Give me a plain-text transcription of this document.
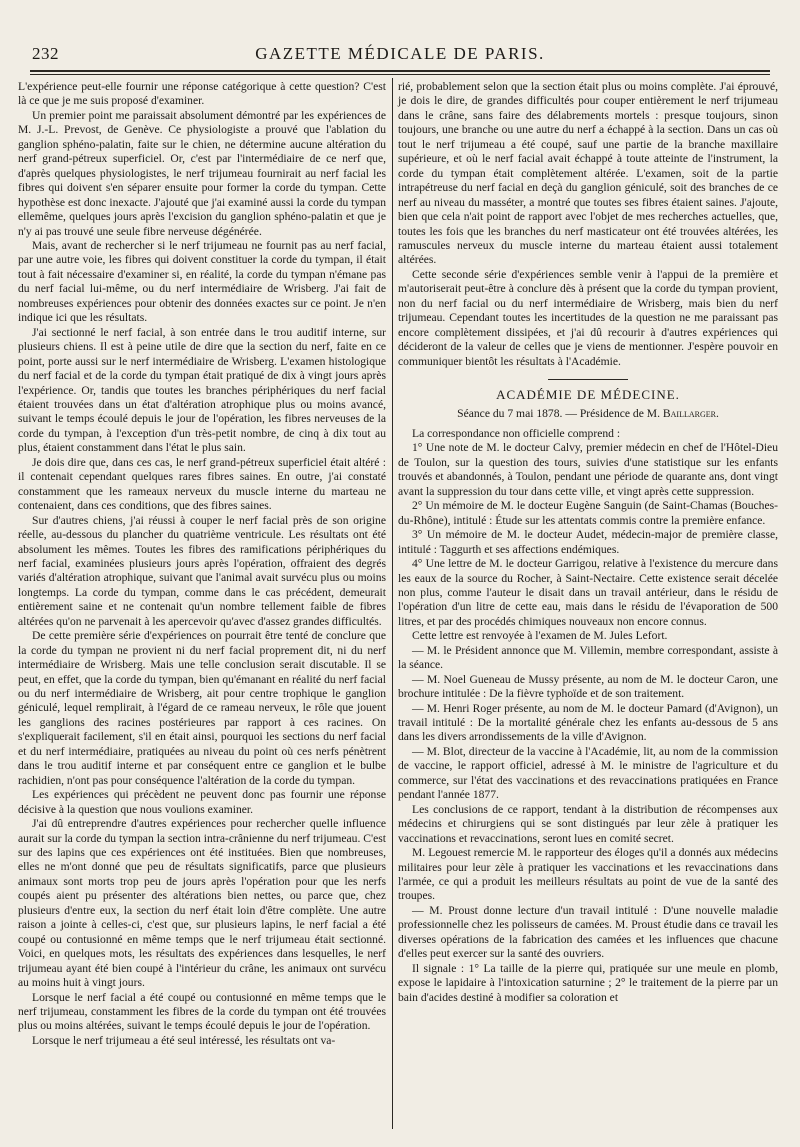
232	GAZETTE MÉDICALE DE PARIS.

L'expérience peut-elle fournir une réponse catégorique à cette question? C'est là ce que je me suis proposé d'examiner.

Un premier point me paraissait absolument démontré par les expériences de M. J.-L. Prevost, de Genève. Ce physiologiste a prouvé que l'ablation du ganglion sphéno-palatin, faite sur le chien, ne détermine aucune altération du nerf grand-pétreux superficiel. Or, c'est par l'intermédiaire de ce nerf que, d'après quelques physiologistes, le nerf trijumeau fournirait au nerf facial les fibres qui doivent s'en séparer ensuite pour former la corde du tympan. Cette hypothèse est donc inexacte. J'ajouté que j'ai examiné aussi la corde du tympan ellemême, quelques jours après l'excision du ganglion sphéno-palatin et que je n'y ai pas trouvé une seule fibre nerveuse dégénérée.

Mais, avant de rechercher si le nerf trijumeau ne fournit pas au nerf facial, par une autre voie, les fibres qui doivent constituer la corde du tympan, il était tout à fait nécessaire d'examiner si, en réalité, la corde du tympan n'émane pas du nerf facial lui-même, ou du nerf intermédiaire de Wrisberg. J'ai fait de nombreuses expériences pour obtenir des données exactes sur ce point. Je n'en indique ici que les résultats.

J'ai sectionné le nerf facial, à son entrée dans le trou auditif interne, sur plusieurs chiens. Il est à peine utile de dire que la section du nerf, faite en ce point, porte aussi sur le nerf intermédiaire de Wrisberg. L'examen histologique du nerf facial et de la corde du tympan était pratiqué de dix à vingt jours après l'expérience. Or, tandis que toutes les branches périphériques du nerf facial étaient trouvées dans un état d'altération atrophique plus ou moins avancé, suivant le temps écoulé depuis le jour de l'opération, les fibres nerveuses de la corde du tympan, à l'exception d'un très-petit nombre, de cinq à dix tout au plus, étaient constamment dans l'état le plus sain.

Je dois dire que, dans ces cas, le nerf grand-pétreux superficiel était altéré : il contenait cependant quelques rares fibres saines. En outre, j'ai constaté constamment que les rameaux nerveux du muscle interne du marteau ne contenaient, dans ces conditions, que des fibres saines.

Sur d'autres chiens, j'ai réussi à couper le nerf facial près de son origine réelle, au-dessous du plancher du quatrième ventricule. Les résultats ont été absolument les mêmes. Toutes les fibres des ramifications périphériques du nerf facial, examinées plusieurs jours après l'opération, offraient des degrés variés d'altération atrophique, suivant que l'animal avait survécu plus ou moins longtemps. La corde du tympan, comme dans le cas précédent, demeurait entièrement saine et ne contenait qu'un nombre tellement faible de fibres altérées qu'on ne parvenait à les apercevoir qu'avec d'assez grandes difficultés.

De cette première série d'expériences on pourrait être tenté de conclure que la corde du tympan ne provient ni du nerf facial proprement dit, ni du nerf intermédiaire de Wrisberg. Mais une telle conclusion serait discutable. Il se peut, en effet, que la corde du tympan, bien qu'émanant en réalité du nerf facial ou du nerf intermédiaire de Wrisberg, ait pour centre trophique le ganglion géniculé, lequel remplirait, à l'égard de ce rameau nerveux, le rôle que jouent les ganglions des racines postérieures par rapport à ces racines. On s'expliquerait facilement, s'il en était ainsi, pourquoi les sections du nerf facial et du nerf intermédiaire, pratiquées au niveau du point où ces nerfs pénètrent dans le trou auditif interne et par conséquent entre ce ganglion et le bulbe rachidien, n'ont pas pour conséquence l'altération de la corde du tympan.

Les expériences qui précèdent ne peuvent donc pas fournir une réponse décisive à la question que nous voulions examiner.

J'ai dû entreprendre d'autres expériences pour rechercher quelle influence aurait sur la corde du tympan la section intra-crânienne du nerf trijumeau. C'est sur des lapins que ces expériences ont été instituées. Bien que nombreuses, elles ne m'ont donné que peu de résultats significatifs, parce que plusieurs animaux sont morts trop peu de jours après l'opération pour que les nerfs coupés aient pu présenter des altérations bien nettes, ou parce que, chez plusieurs d'entre eux, la section du nerf était loin d'être complète. Une autre raison a jointe à celles-ci, c'est que, sur plusieurs lapins, le nerf facial a été coupé ou contusionné en même temps que le nerf trijumeau était sectionné. Voici, en quelques mots, les résultats des expériences dans lesquelles, le nerf trijumeau ayant été bien coupé à l'intérieur du crâne, les animaux ont survécu au moins huit à vingt jours.

Lorsque le nerf facial a été coupé ou contusionné en même temps que le nerf trijumeau, constamment les fibres de la corde du tympan ont été trouvées plus ou moins altérées, suivant le temps écoulé depuis le jour de l'opération.

Lorsque le nerf trijumeau a été seul intéressé, les résultats ont va-

rié, probablement selon que la section était plus ou moins complète. J'ai éprouvé, je dois le dire, de grandes difficultés pour couper entièrement le nerf trijumeau dans le crâne, sans faire des délabrements mortels : presque toujours, sinon toujours, une branche ou une autre du nerf a échappé à la section. Dans un cas où tout le nerf trijumeau a été coupé, sauf une partie de la branche maxillaire supérieure, et où le nerf facial avait échappé à toute atteinte de l'instrument, la corde du tympan était complètement altérée. L'examen, soit de la partie intrapétreuse du nerf facial en deçà du ganglion géniculé, soit des branches de ce nerf au niveau du masséter, a montré que toutes ses fibres étaient saines. J'ajoute, bien que cela n'ait point de rapport avec l'objet de mes recherches actuelles, que, toutes les fois que les branches du nerf masticateur ont été trouvées altérées, les ramuscules nerveux du muscle interne du marteau étaient aussi totalement altérées.

Cette seconde série d'expériences semble venir à l'appui de la première et m'autoriserait peut-être à conclure dès à présent que la corde du tympan provient, non du nerf facial ou du nerf intermédiaire de Wrisberg, mais bien du nerf trijumeau. Cependant toutes les incertitudes de la question ne me paraissant pas encore complètement dissipées, et j'ai dû recourir à d'autres expériences qui décideront de la valeur de celles que je viens de mentionner. J'espère pouvoir en communiquer bientôt les résultats à l'Académie.

ACADÉMIE DE MÉDECINE.
Séance du 7 mai 1878. — Présidence de M. Baillarger.

La correspondance non officielle comprend :

1° Une note de M. le docteur Calvy, premier médecin en chef de l'Hôtel-Dieu de Toulon, sur la question des tours, suivies d'une statistique sur les enfants trouvés et abandonnés, à Toulon, pendant une période de quarante ans, dont vingt avant la suppression du tour dans cette ville, et vingt après cette suppression.

2° Un mémoire de M. le docteur Eugène Sanguin (de Saint-Chamas (Bouches-du-Rhône), intitulé : Étude sur les attentats commis contre la première enfance.

3° Un mémoire de M. le docteur Audet, médecin-major de première classe, intitulé : Taggurth et ses affections endémiques.

4° Une lettre de M. le docteur Garrigou, relative à l'existence du mercure dans les eaux de la source du Rocher, à Saint-Nectaire. Cette existence serait décelée non plus, comme l'auteur le disait dans un travail antérieur, dans le résidu de l'opération d'un litre de cette eau, mais dans le résidu de l'évaporation de 500 litres, et par des procédés chimiques nouveaux non encore connus.

Cette lettre est renvoyée à l'examen de M. Jules Lefort.

— M. le Président annonce que M. Villemin, membre correspondant, assiste à la séance.

— M. Noel Gueneau de Mussy présente, au nom de M. le docteur Caron, une brochure intitulée : De la fièvre typhoïde et de son traitement.

— M. Henri Roger présente, au nom de M. le docteur Pamard (d'Avignon), un travail intitulé : De la mortalité générale chez les enfants au-dessous de 5 ans dans les divers arrondissements de la ville d'Avignon.

— M. Blot, directeur de la vaccine à l'Académie, lit, au nom de la commission de vaccine, le rapport officiel, adressé à M. le ministre de l'agriculture et du commerce, sur l'état des vaccinations et des revaccinations pratiquées en France pendant l'année 1877.

Les conclusions de ce rapport, tendant à la distribution de récompenses aux médecins et chirurgiens qui se sont distingués par leur zèle à pratiquer les vaccinations et revaccinations, seront lues en comité secret.

M. Legouest remercie M. le rapporteur des éloges qu'il a donnés aux médecins militaires pour leur zèle à pratiquer les vaccinations et les revaccinations dans l'armée, ce qui a produit les meilleurs résultats au point de vue de la santé des troupes.

— M. Proust donne lecture d'un travail intitulé : D'une nouvelle maladie professionnelle chez les polisseurs de camées. M. Proust étudie dans ce travail les diverses opérations de la fabrication des camées et les influences que chacune d'elles peut exercer sur la santé des ouvriers.

Il signale : 1° La taille de la pierre qui, pratiquée sur une meule en plomb, expose le lapidaire à l'intoxication saturnine ; 2° le traitement de la pierre par un bain d'acides destiné à modifier sa coloration et
